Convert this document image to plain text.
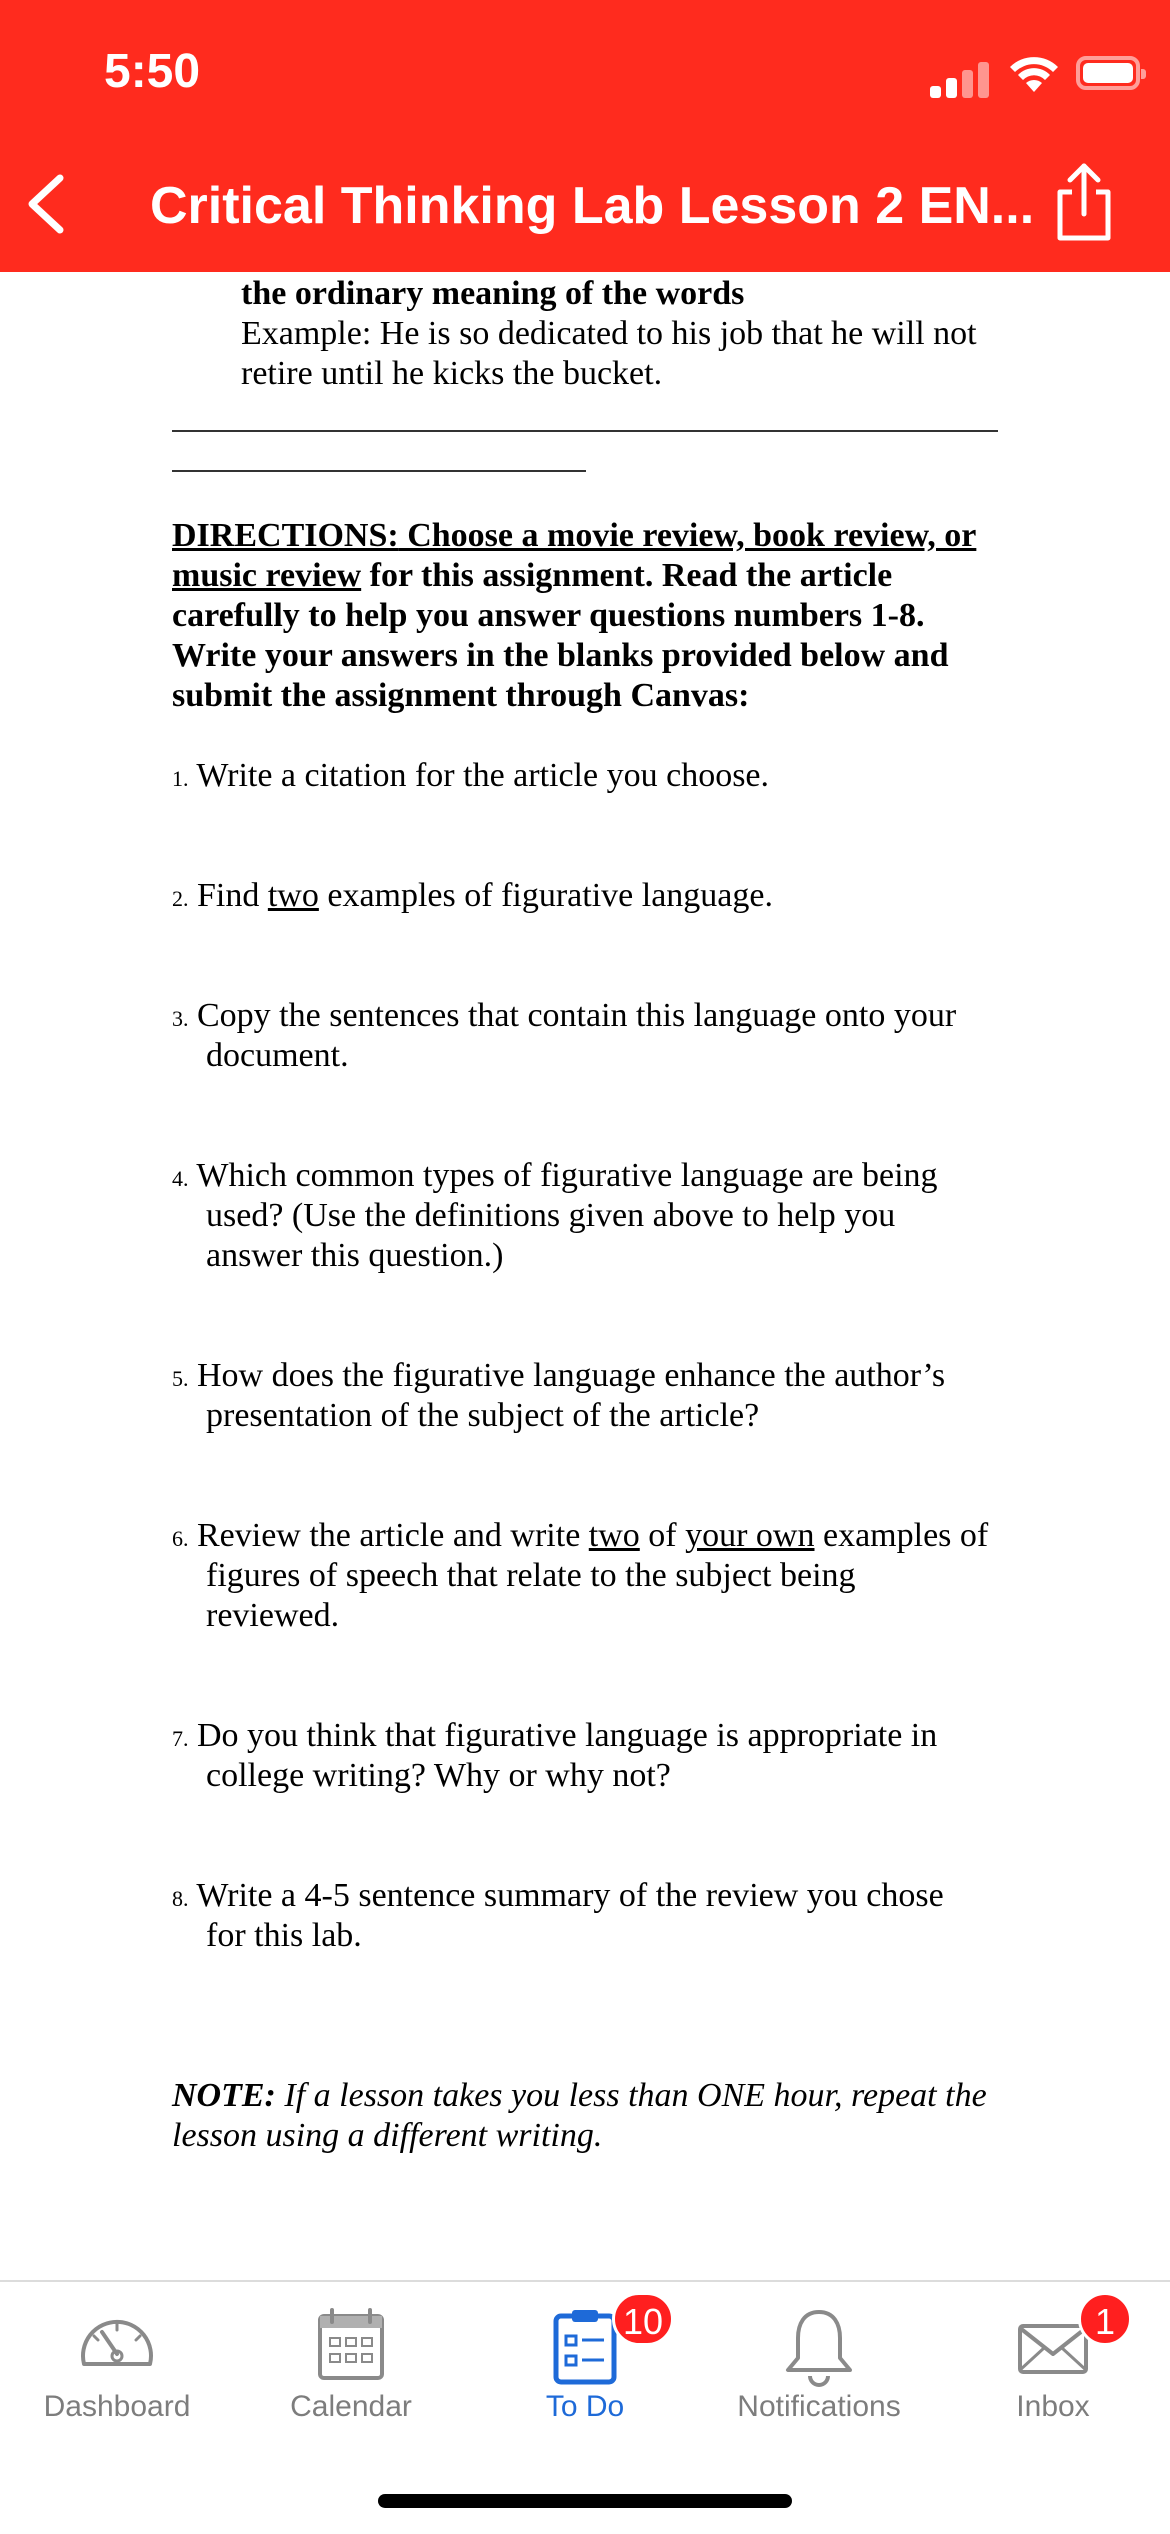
5:50
Critical Thinking Lab Lesson 2 EN...
the ordinary meaning of the words
Example: He is so dedicated to his job that he will not
retire until he kicks the bucket.
DIRECTIONS: Choose a movie review, book review, or
music review for this assignment. Read the article
carefully to help you answer questions numbers 1-8.
Write your answers in the blanks provided below and
submit the assignment through Canvas:
1. Write a citation for the article you choose.
2. Find two examples of figurative language.
3. Copy the sentences that contain this language onto your
document.
4. Which common types of figurative language are being
used? (Use the definitions given above to help you
answer this question.)
5. How does the figurative language enhance the author’s
presentation of the subject of the article?
6. Review the article and write two of your own examples of
figures of speech that relate to the subject being
reviewed.
7. Do you think that figurative language is appropriate in
college writing? Why or why not?
8. Write a 4-5 sentence summary of the review you chose
for this lab.
NOTE: If a lesson takes you less than ONE hour, repeat the
lesson using a different writing.
Dashboard	Calendar	To Do
10
Notifications	Inbox
1
